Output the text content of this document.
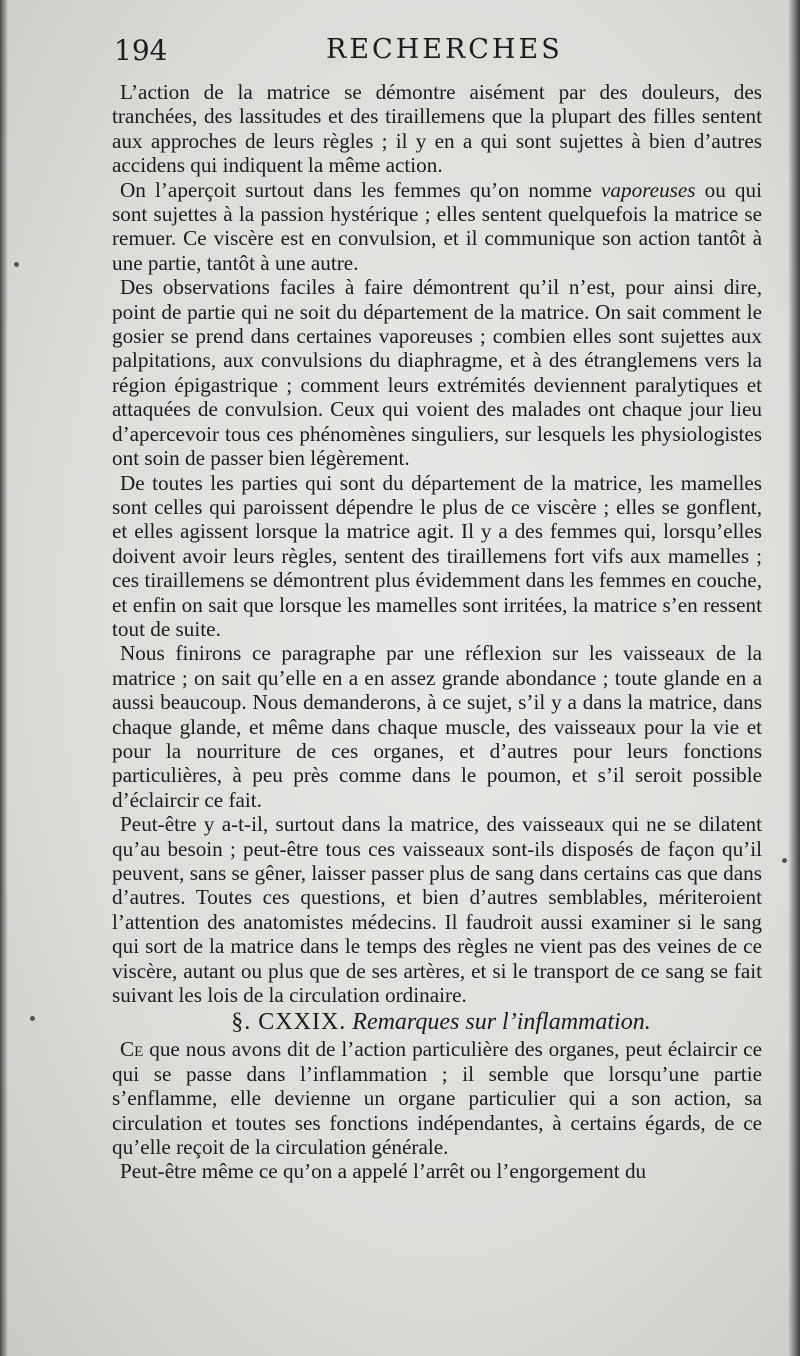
194	RECHERCHES

L’action de la matrice se démontre aisément par des douleurs, des tranchées, des lassitudes et des tiraillemens que la plupart des filles sentent aux approches de leurs règles ; il y en a qui sont sujettes à bien d’autres accidens qui indiquent la même action.

On l’aperçoit surtout dans les femmes qu’on nomme vaporeuses ou qui sont sujettes à la passion hystérique ; elles sentent quelquefois la matrice se remuer. Ce viscère est en convulsion, et il communique son action tantôt à une partie, tantôt à une autre.

Des observations faciles à faire démontrent qu’il n’est, pour ainsi dire, point de partie qui ne soit du département de la matrice. On sait comment le gosier se prend dans certaines vaporeuses ; combien elles sont sujettes aux palpitations, aux convulsions du diaphragme, et à des étranglemens vers la région épigastrique ; comment leurs extrémités deviennent paralytiques et attaquées de convulsion. Ceux qui voient des malades ont chaque jour lieu d’apercevoir tous ces phénomènes singuliers, sur lesquels les physiologistes ont soin de passer bien légèrement.

De toutes les parties qui sont du département de la matrice, les mamelles sont celles qui paroissent dépendre le plus de ce viscère ; elles se gonflent, et elles agissent lorsque la matrice agit. Il y a des femmes qui, lorsqu’elles doivent avoir leurs règles, sentent des tiraillemens fort vifs aux mamelles ; ces tiraillemens se démontrent plus évidemment dans les femmes en couche, et enfin on sait que lorsque les mamelles sont irritées, la matrice s’en ressent tout de suite.

Nous finirons ce paragraphe par une réflexion sur les vaisseaux de la matrice ; on sait qu’elle en a en assez grande abondance ; toute glande en a aussi beaucoup. Nous demanderons, à ce sujet, s’il y a dans la matrice, dans chaque glande, et même dans chaque muscle, des vaisseaux pour la vie et pour la nourriture de ces organes, et d’autres pour leurs fonctions particulières, à peu près comme dans le poumon, et s’il seroit possible d’éclaircir ce fait.

Peut-être y a-t-il, surtout dans la matrice, des vaisseaux qui ne se dilatent qu’au besoin ; peut-être tous ces vaisseaux sont-ils disposés de façon qu’il peuvent, sans se gêner, laisser passer plus de sang dans certains cas que dans d’autres. Toutes ces questions, et bien d’autres semblables, mériteroient l’attention des anatomistes médecins. Il faudroit aussi examiner si le sang qui sort de la matrice dans le temps des règles ne vient pas des veines de ce viscère, autant ou plus que de ses artères, et si le transport de ce sang se fait suivant les lois de la circulation ordinaire.

§. CXXIX. Remarques sur l’inflammation.

Ce que nous avons dit de l’action particulière des organes, peut éclaircir ce qui se passe dans l’inflammation ; il semble que lorsqu’une partie s’enflamme, elle devienne un organe particulier qui a son action, sa circulation et toutes ses fonctions indépendantes, à certains égards, de ce qu’elle reçoit de la circulation générale.

Peut-être même ce qu’on a appelé l’arrêt ou l’engorgement du
